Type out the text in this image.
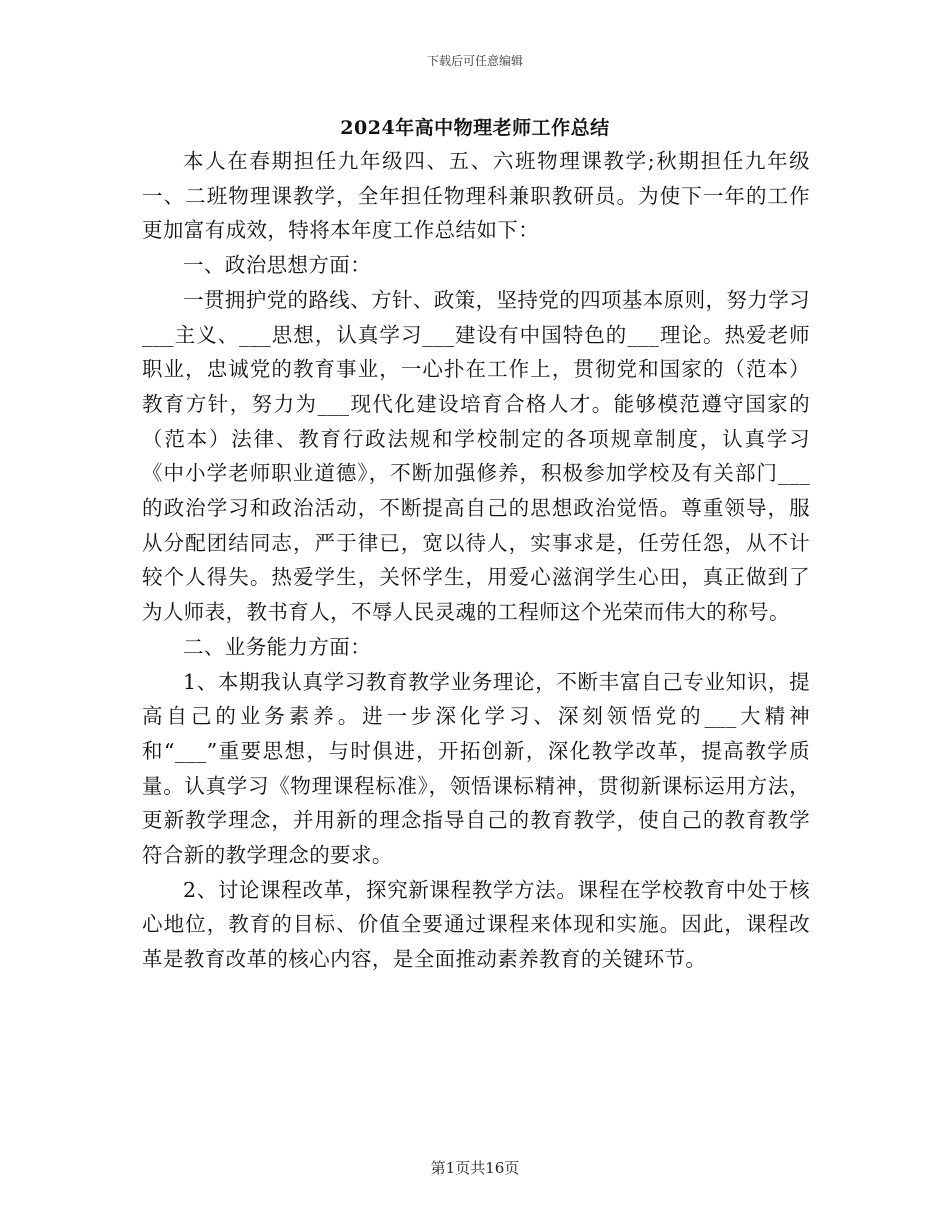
下载后可任意编辑
2024年高中物理老师工作总结

本人在春期担任九年级四、五、六班物理课教学;秋期担任九年级一、二班物理课教学，全年担任物理科兼职教研员。为使下一年的工作更加富有成效，特将本年度工作总结如下：

一、政治思想方面：

一贯拥护党的路线、方针、政策，坚持党的四项基本原则，努力学习___主义、___思想，认真学习___建设有中国特色的___理论。热爱老师职业，忠诚党的教育事业，一心扑在工作上，贯彻党和国家的（范本）教育方针，努力为___现代化建设培育合格人才。能够模范遵守国家的（范本）法律、教育行政法规和学校制定的各项规章制度，认真学习《中小学老师职业道德》，不断加强修养，积极参加学校及有关部门___的政治学习和政治活动，不断提高自己的思想政治觉悟。尊重领导，服从分配团结同志，严于律已，宽以待人，实事求是，任劳任怨，从不计较个人得失。热爱学生，关怀学生，用爱心滋润学生心田，真正做到了为人师表，教书育人，不辱人民灵魂的工程师这个光荣而伟大的称号。

二、业务能力方面：

1、本期我认真学习教育教学业务理论，不断丰富自己专业知识，提高自己的业务素养。进一步深化学习、深刻领悟党的___大精神和“___”重要思想，与时俱进，开拓创新，深化教学改革，提高教学质量。认真学习《物理课程标准》，领悟课标精神，贯彻新课标运用方法，更新教学理念，并用新的理念指导自己的教育教学，使自己的教育教学符合新的教学理念的要求。

2、讨论课程改革，探究新课程教学方法。课程在学校教育中处于核心地位，教育的目标、价值全要通过课程来体现和实施。因此，课程改革是教育改革的核心内容，是全面推动素养教育的关键环节。

第1页共16页
